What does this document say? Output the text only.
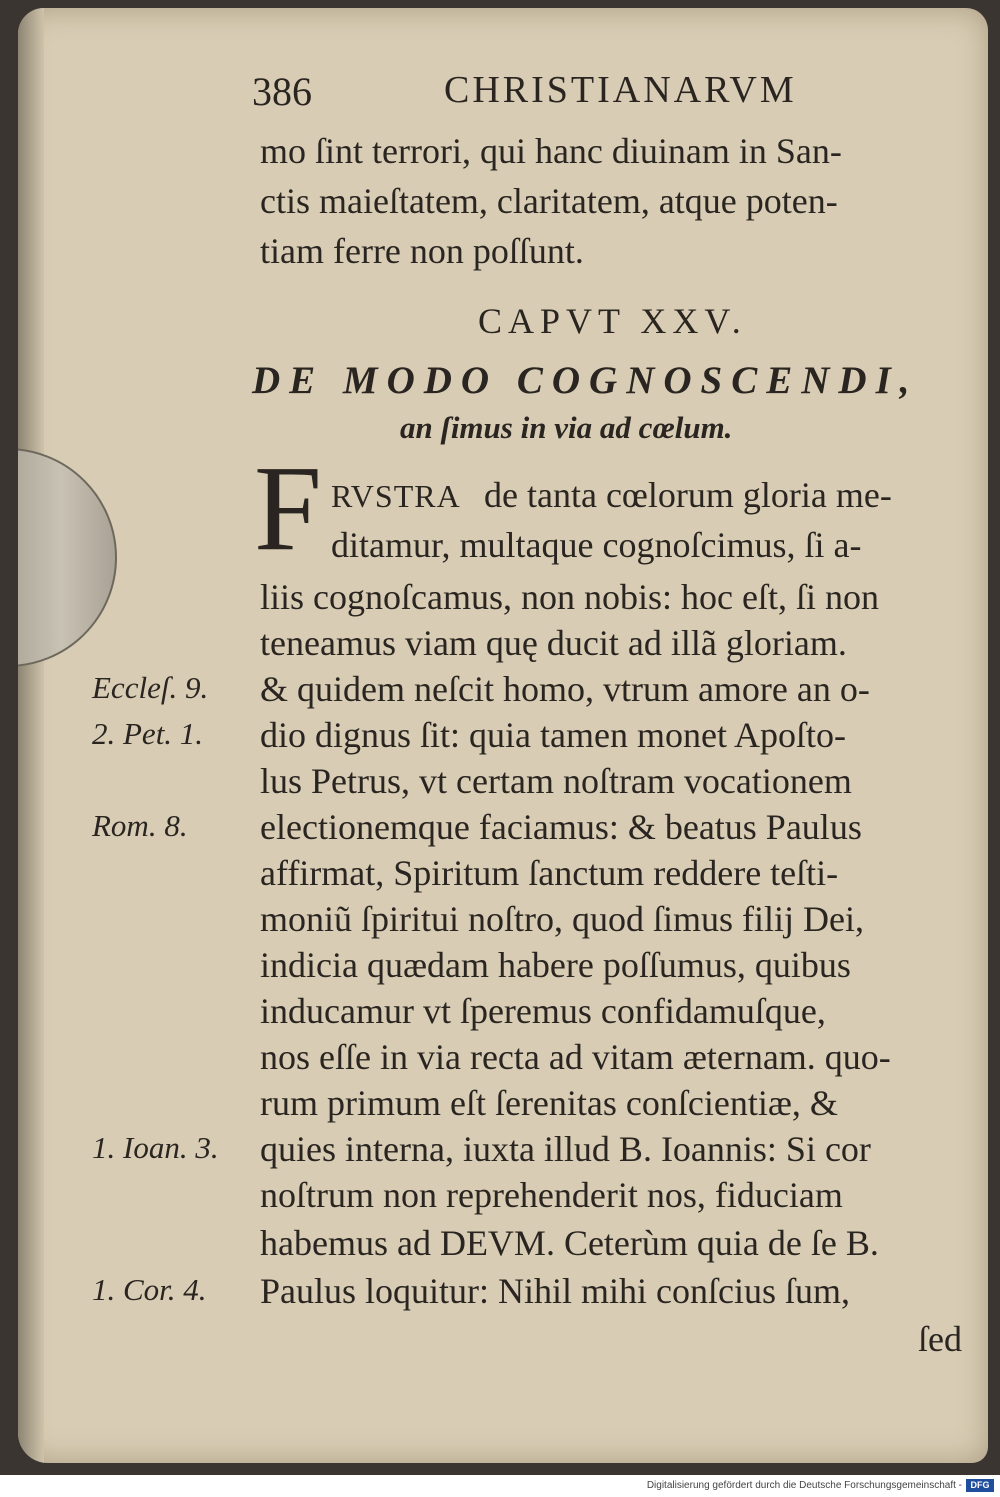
386	CHRISTIANARVM
mo ſint terrori, qui hanc diuinam in San-
ctis maieſtatem, claritatem, atque poten-
tiam ferre non poſſunt.
CAPVT XXV.
DE MODO COGNOSCENDI,
an ſimus in via ad cœlum.
F RVSTRA de tanta cœlorum gloria me-
ditamur, multaque cognoſcimus, ſi a-
liis cognoſcamus, non nobis: hoc eſt, ſi non
teneamus viam quę ducit ad illã gloriam.
& quidem neſcit homo, vtrum amore an o-
dio dignus ſit: quia tamen monet Apoſto-
lus Petrus, vt certam noſtram vocationem
electionemque faciamus: & beatus Paulus
affirmat, Spiritum ſanctum reddere teſti-
moniũ ſpiritui noſtro, quod ſimus filij Dei,
indicia quædam habere poſſumus, quibus
inducamur vt ſperemus confidamuſque,
nos eſſe in via recta ad vitam æternam. quo-
rum primum eſt ſerenitas conſcientiæ, &
quies interna, iuxta illud B. Ioannis: Si cor
noſtrum non reprehenderit nos, fiduciam
habemus ad DEVM. Ceterùm quia de ſe B.
Paulus loquitur: Nihil mihi conſcius ſum,
ſed
Eccleſ. 9.
2. Pet. 1.
Rom. 8.
1. Ioan. 3.
1. Cor. 4.
Digitalisierung gefördert durch die Deutsche Forschungsgemeinschaft - DFG
